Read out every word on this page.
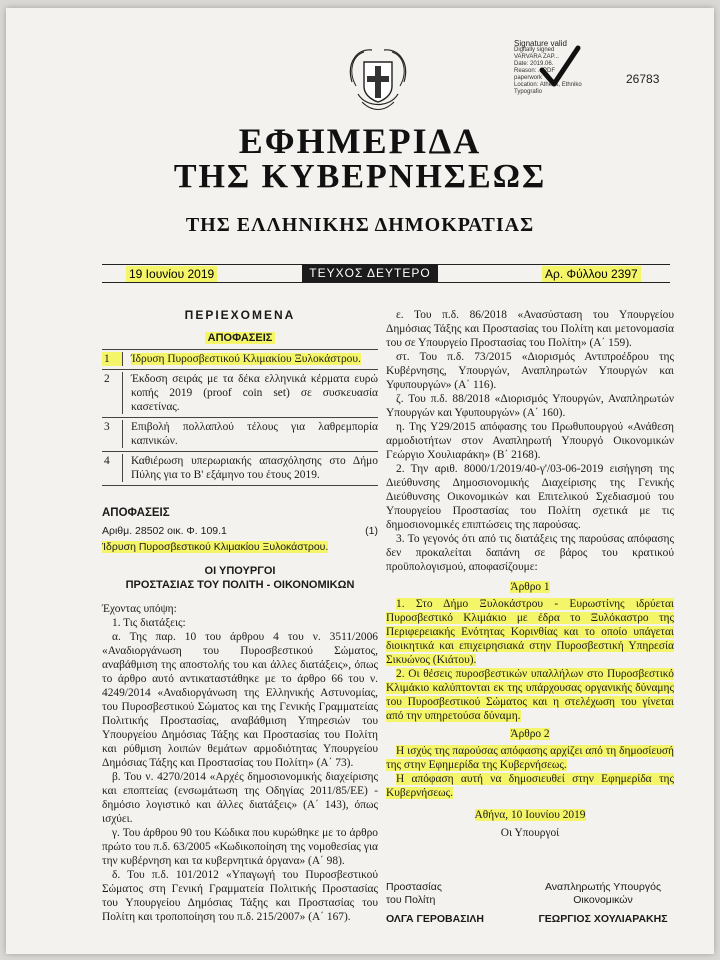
Signature valid
Digitally signed
VARVARA ZAP...
Date: 2019.06.
Reason: ...PDF
paperwork
Location: Athens, Ethniko
Typografio
26783
ΕΦΗΜΕΡΙΔΑ
ΤΗΣ ΚΥΒΕΡΝΗΣΕΩΣ
ΤΗΣ ΕΛΛΗΝΙΚΗΣ ΔΗΜΟΚΡΑΤΙΑΣ
19 Ιουνίου 2019	ΤΕΥΧΟΣ ΔΕΥΤΕΡΟ	Αρ. Φύλλου 2397
ΠΕΡΙΕΧΟΜΕΝΑ
ΑΠΟΦΑΣΕΙΣ
1	Ίδρυση Πυροσβεστικού Κλιμακίου Ξυλοκάστρου.
2	Έκδοση σειράς με τα δέκα ελληνικά κέρματα ευρώ κοπής 2019 (proof coin set) σε συσκευασία κασετίνας.
3	Επιβολή πολλαπλού τέλους για λαθρεμπορία καπνικών.
4	Καθιέρωση υπερωριακής απασχόλησης στο Δήμο Πύλης για το Β' εξάμηνο του έτους 2019.
ΑΠΟΦΑΣΕΙΣ
Αριθμ. 28502 οικ. Φ. 109.1	(1)
Ίδρυση Πυροσβεστικού Κλιμακίου Ξυλοκάστρου.
ΟΙ ΥΠΟΥΡΓΟΙ
ΠΡΟΣΤΑΣΙΑΣ ΤΟΥ ΠΟΛΙΤΗ - ΟΙΚΟΝΟΜΙΚΩΝ
Έχοντας υπόψη:

1. Τις διατάξεις:

α. Της παρ. 10 του άρθρου 4 του ν. 3511/2006 «Αναδιοργάνωση του Πυροσβεστικού Σώματος, αναβάθμιση της αποστολής του και άλλες διατάξεις», όπως το άρθρο αυτό αντικαταστάθηκε με το άρθρο 66 του ν. 4249/2014 «Αναδιοργάνωση της Ελληνικής Αστυνομίας, του Πυροσβεστικού Σώματος και της Γενικής Γραμματείας Πολιτικής Προστασίας, αναβάθμιση Υπηρεσιών του Υπουργείου Δημόσιας Τάξης και Προστασίας του Πολίτη και ρύθμιση λοιπών θεμάτων αρμοδιότητας Υπουργείου Δημόσιας Τάξης και Προστασίας του Πολίτη» (Α΄ 73).

β. Του ν. 4270/2014 «Αρχές δημοσιονομικής διαχείρισης και εποπτείας (ενσωμάτωση της Οδηγίας 2011/85/ΕΕ) - δημόσιο λογιστικό και άλλες διατάξεις» (Α΄ 143), όπως ισχύει.

γ. Του άρθρου 90 του Κώδικα που κυρώθηκε με το άρθρο πρώτο του π.δ. 63/2005 «Κωδικοποίηση της νομοθεσίας για την κυβέρνηση και τα κυβερνητικά όργανα» (Α΄ 98).

δ. Του π.δ. 101/2012 «Υπαγωγή του Πυροσβεστικού Σώματος στη Γενική Γραμματεία Πολιτικής Προστασίας του Υπουργείου Δημόσιας Τάξης και Προστασίας του Πολίτη και τροποποίηση του π.δ. 215/2007» (Α΄ 167).

ε. Του π.δ. 86/2018 «Ανασύσταση του Υπουργείου Δημόσιας Τάξης και Προστασίας του Πολίτη και μετονομασία του σε Υπουργείο Προστασίας του Πολίτη» (Α΄ 159).

στ. Του π.δ. 73/2015 «Διορισμός Αντιπροέδρου της Κυβέρνησης, Υπουργών, Αναπληρωτών Υπουργών και Υφυπουργών» (Α΄ 116).

ζ. Του π.δ. 88/2018 «Διορισμός Υπουργών, Αναπληρωτών Υπουργών και Υφυπουργών» (Α΄ 160).

η. Της Υ29/2015 απόφασης του Πρωθυπουργού «Ανάθεση αρμοδιοτήτων στον Αναπληρωτή Υπουργό Οικονομικών Γεώργιο Χουλιαράκη» (Β΄ 2168).

2. Την αριθ. 8000/1/2019/40-γ'/03-06-2019 εισήγηση της Διεύθυνσης Δημοσιονομικής Διαχείρισης της Γενικής Διεύθυνσης Οικονομικών και Επιτελικού Σχεδιασμού του Υπουργείου Προστασίας του Πολίτη σχετικά με τις δημοσιονομικές επιπτώσεις της παρούσας.

3. Το γεγονός ότι από τις διατάξεις της παρούσας απόφασης δεν προκαλείται δαπάνη σε βάρος του κρατικού προϋπολογισμού, αποφασίζουμε:

Άρθρο 1

1. Στο Δήμο Ξυλοκάστρου - Ευρωστίνης ιδρύεται Πυροσβεστικό Κλιμάκιο με έδρα το Ξυλόκαστρο της Περιφερειακής Ενότητας Κορινθίας και το οποίο υπάγεται διοικητικά και επιχειρησιακά στην Πυροσβεστική Υπηρεσία Σικυώνος (Κιάτου).

2. Οι θέσεις πυροσβεστικών υπαλλήλων στο Πυροσβεστικό Κλιμάκιο καλύπτονται εκ της υπάρχουσας οργανικής δύναμης του Πυροσβεστικού Σώματος και η στελέχωση του γίνεται από την υπηρετούσα δύναμη.

Άρθρο 2

Η ισχύς της παρούσας απόφασης αρχίζει από τη δημοσίευσή της στην Εφημερίδα της Κυβερνήσεως.

Η απόφαση αυτή να δημοσιευθεί στην Εφημερίδα της Κυβερνήσεως.

Αθήνα, 10 Ιουνίου 2019
Οι Υπουργοί
Προστασίας
του Πολίτη
ΟΛΓΑ ΓΕΡΟΒΑΣΙΛΗ
Αναπληρωτής Υπουργός
Οικονομικών
ΓΕΩΡΓΙΟΣ ΧΟΥΛΙΑΡΑΚΗΣ
